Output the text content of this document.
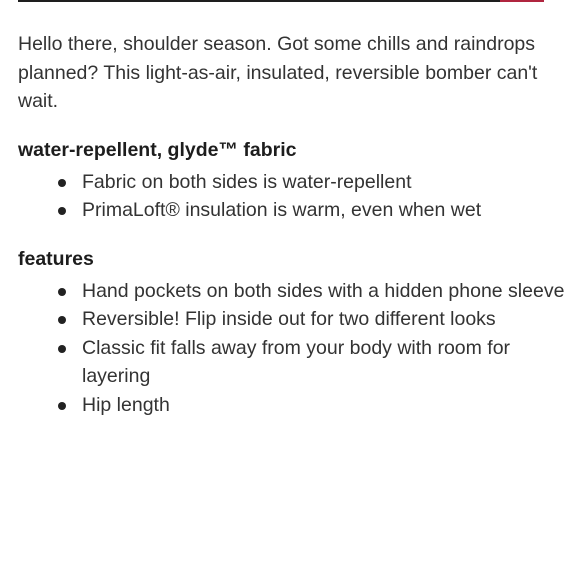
Hello there, shoulder season. Got some chills and raindrops planned? This light-as-air, insulated, reversible bomber can't wait.

water-repellent, glyde™ fabric
Fabric on both sides is water-repellent
PrimaLoft® insulation is warm, even when wet
features
Hand pockets on both sides with a hidden phone sleeve
Reversible! Flip inside out for two different looks
Classic fit falls away from your body with room for layering
Hip length
